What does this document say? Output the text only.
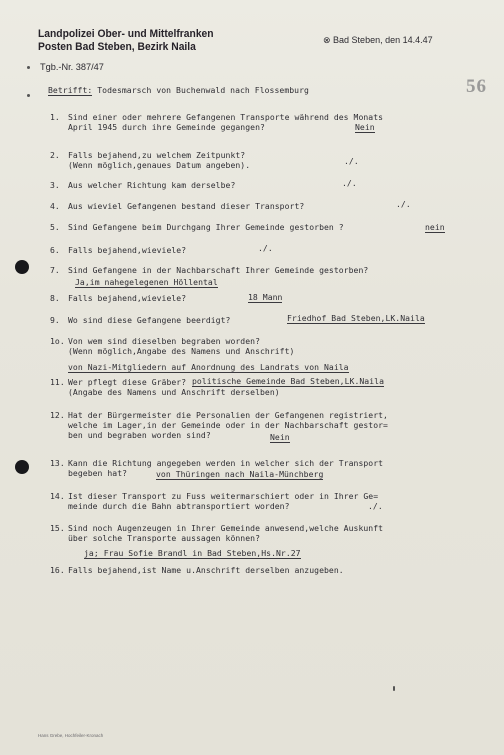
Landpolizei Ober- und Mittelfranken
Posten Bad Steben, Bezirk Naila
⊗ Bad Steben, den 14.4.47
Tgb.-Nr. 387/47
56
Betrifft: Todesmarsch von Buchenwald nach Flossemburg
1. Sind einer oder mehrere Gefangenen Transporte während des Monats
April 1945 durch ihre Gemeinde gegangen?	Nein
2. Falls bejahend,zu welchem Zeitpunkt?
(Wenn möglich,genaues Datum angeben).	./.
3. Aus welcher Richtung kam derselbe?	./.
4. Aus wieviel Gefangenen bestand dieser Transport?	./.
5. Sind Gefangene beim Durchgang Ihrer Gemeinde gestorben ?	nein
6. Falls bejahend,wieviele?	./.
7. Sind Gefangene in der Nachbarschaft Ihrer Gemeinde gestorben?
Ja,im nahegelegenen Höllental
8. Falls bejahend,wieviele?	18 Mann
9. Wo sind diese Gefangene beerdigt?	Friedhof Bad Steben,LK.Naila
1o. Von wem sind dieselben begraben worden?
(Wenn möglich,Angabe des Namens und Anschrift)
von Nazi-Mitgliedern auf Anordnung des Landrats von Naila
11. Wer pflegt diese Gräber?
(Angabe des Namens und Anschrift derselben)
politische Gemeinde Bad Steben,LK.Naila
12. Hat der Bürgermeister die Personalien der Gefangenen registriert,
welche im Lager,in der Gemeinde oder in der Nachbarschaft gestor=
ben und begraben worden sind?	Nein
13. Kann die Richtung angegeben werden in welcher sich der Transport
begeben hat?	von Thüringen nach Naila-Münchberg
14. Ist dieser Transport zu Fuss weitermarschiert oder in Ihrer Ge=
meinde durch die Bahn abtransportiert worden?	./.
15. Sind noch Augenzeugen in Ihrer Gemeinde anwesend,welche Auskunft
über solche Transporte aussagen können?
ja; Frau Sofie Brandl in Bad Steben,Hs.Nr.27
16. Falls bejahend,ist Name u.Anschrift derselben anzugeben.
Hans Grebe, Hochfeiler-Kronach
